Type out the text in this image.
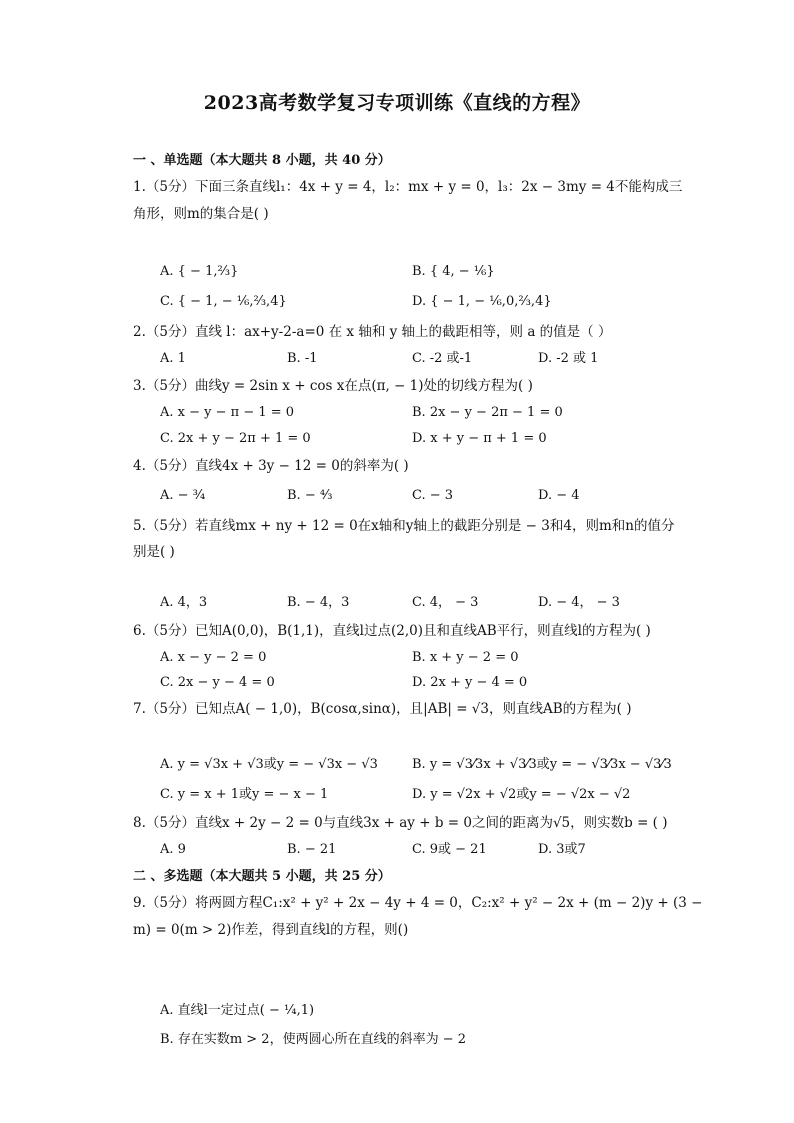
2023高考数学复习专项训练《直线的方程》
一 、单选题（本大题共 8 小题，共 40 分）
1.（5分）下面三条直线l₁：4x + y = 4，l₂：mx + y = 0，l₃：2x − 3my = 4不能构成三
角形，则m的集合是( )
A. { − 1,²⁄₃}	B. { 4, − ¹⁄₆}
C. { − 1, − ¹⁄₆,²⁄₃,4}	D. { − 1, − ¹⁄₆,0,²⁄₃,4}
2.（5分）直线 l：ax+y-2-a=0 在 x 轴和 y 轴上的截距相等，则 a 的值是（ ）
A. 1	B. -1	C. -2 或-1	D. -2 或 1
3.（5分）曲线y = 2sin x + cos x在点(π, − 1)处的切线方程为( )
A. x − y − π − 1 = 0	B. 2x − y − 2π − 1 = 0
C. 2x + y − 2π + 1 = 0	D. x + y − π + 1 = 0
4.（5分）直线4x + 3y − 12 = 0的斜率为( )
A. − ³⁄₄	B. − ⁴⁄₃	C. − 3	D. − 4
5.（5分）若直线mx + ny + 12 = 0在x轴和y轴上的截距分别是 − 3和4，则m和n的值分
别是( )
A. 4，3	B. − 4，3	C. 4， − 3	D. − 4， − 3
6.（5分）已知A(0,0)，B(1,1)，直线l过点(2,0)且和直线AB平行，则直线l的方程为( )
A. x − y − 2 = 0	B. x + y − 2 = 0
C. 2x − y − 4 = 0	D. 2x + y − 4 = 0
7.（5分）已知点A( − 1,0)，B(cosα,sinα)，且|AB| = √3，则直线AB的方程为( )
A. y = √3x + √3或y = − √3x − √3	B. y = √3⁄3x + √3⁄3或y = − √3⁄3x − √3⁄3
C. y = x + 1或y = − x − 1	D. y = √2x + √2或y = − √2x − √2
8.（5分）直线x + 2y − 2 = 0与直线3x + ay + b = 0之间的距离为√5，则实数b = ( )
A. 9	B. − 21	C. 9或 − 21	D. 3或7
二 、多选题（本大题共 5 小题，共 25 分）
9.（5分）将两圆方程C₁:x² + y² + 2x − 4y + 4 = 0，C₂:x² + y² − 2x + (m − 2)y + (3 −
m) = 0(m > 2)作差，得到直线l的方程，则()
A. 直线l一定过点( − ¹⁄₄,1)
B. 存在实数m > 2，使两圆心所在直线的斜率为 − 2
